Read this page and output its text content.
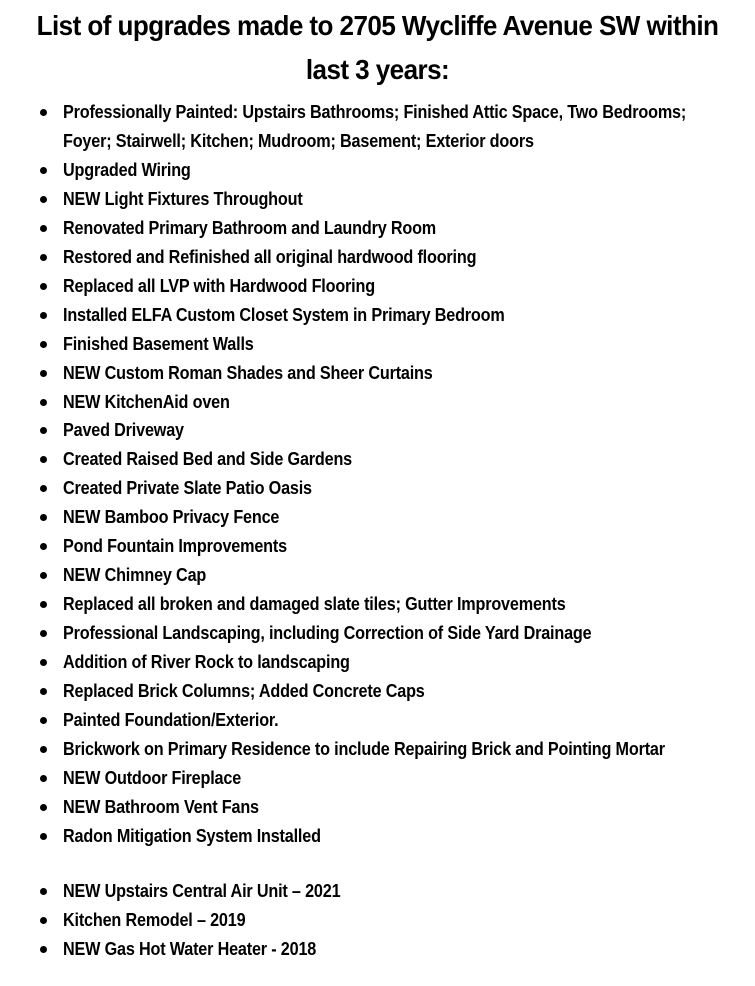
List of upgrades made to 2705 Wycliffe Avenue SW within
last 3 years:
Professionally Painted: Upstairs Bathrooms; Finished Attic Space, Two Bedrooms; Foyer; Stairwell; Kitchen; Mudroom; Basement; Exterior doors
Upgraded Wiring
NEW Light Fixtures Throughout
Renovated Primary Bathroom and Laundry Room
Restored and Refinished all original hardwood flooring
Replaced all LVP with Hardwood Flooring
Installed ELFA Custom Closet System in Primary Bedroom
Finished Basement Walls
NEW Custom Roman Shades and Sheer Curtains
NEW KitchenAid oven
Paved Driveway
Created Raised Bed and Side Gardens
Created Private Slate Patio Oasis
NEW Bamboo Privacy Fence
Pond Fountain Improvements
NEW Chimney Cap
Replaced all broken and damaged slate tiles; Gutter Improvements
Professional Landscaping, including Correction of Side Yard Drainage
Addition of River Rock to landscaping
Replaced Brick Columns; Added Concrete Caps
Painted Foundation/Exterior.
Brickwork on Primary Residence to include Repairing Brick and Pointing Mortar
NEW Outdoor Fireplace
NEW Bathroom Vent Fans
Radon Mitigation System Installed
NEW Upstairs Central Air Unit – 2021
Kitchen Remodel – 2019
NEW Gas Hot Water Heater - 2018
